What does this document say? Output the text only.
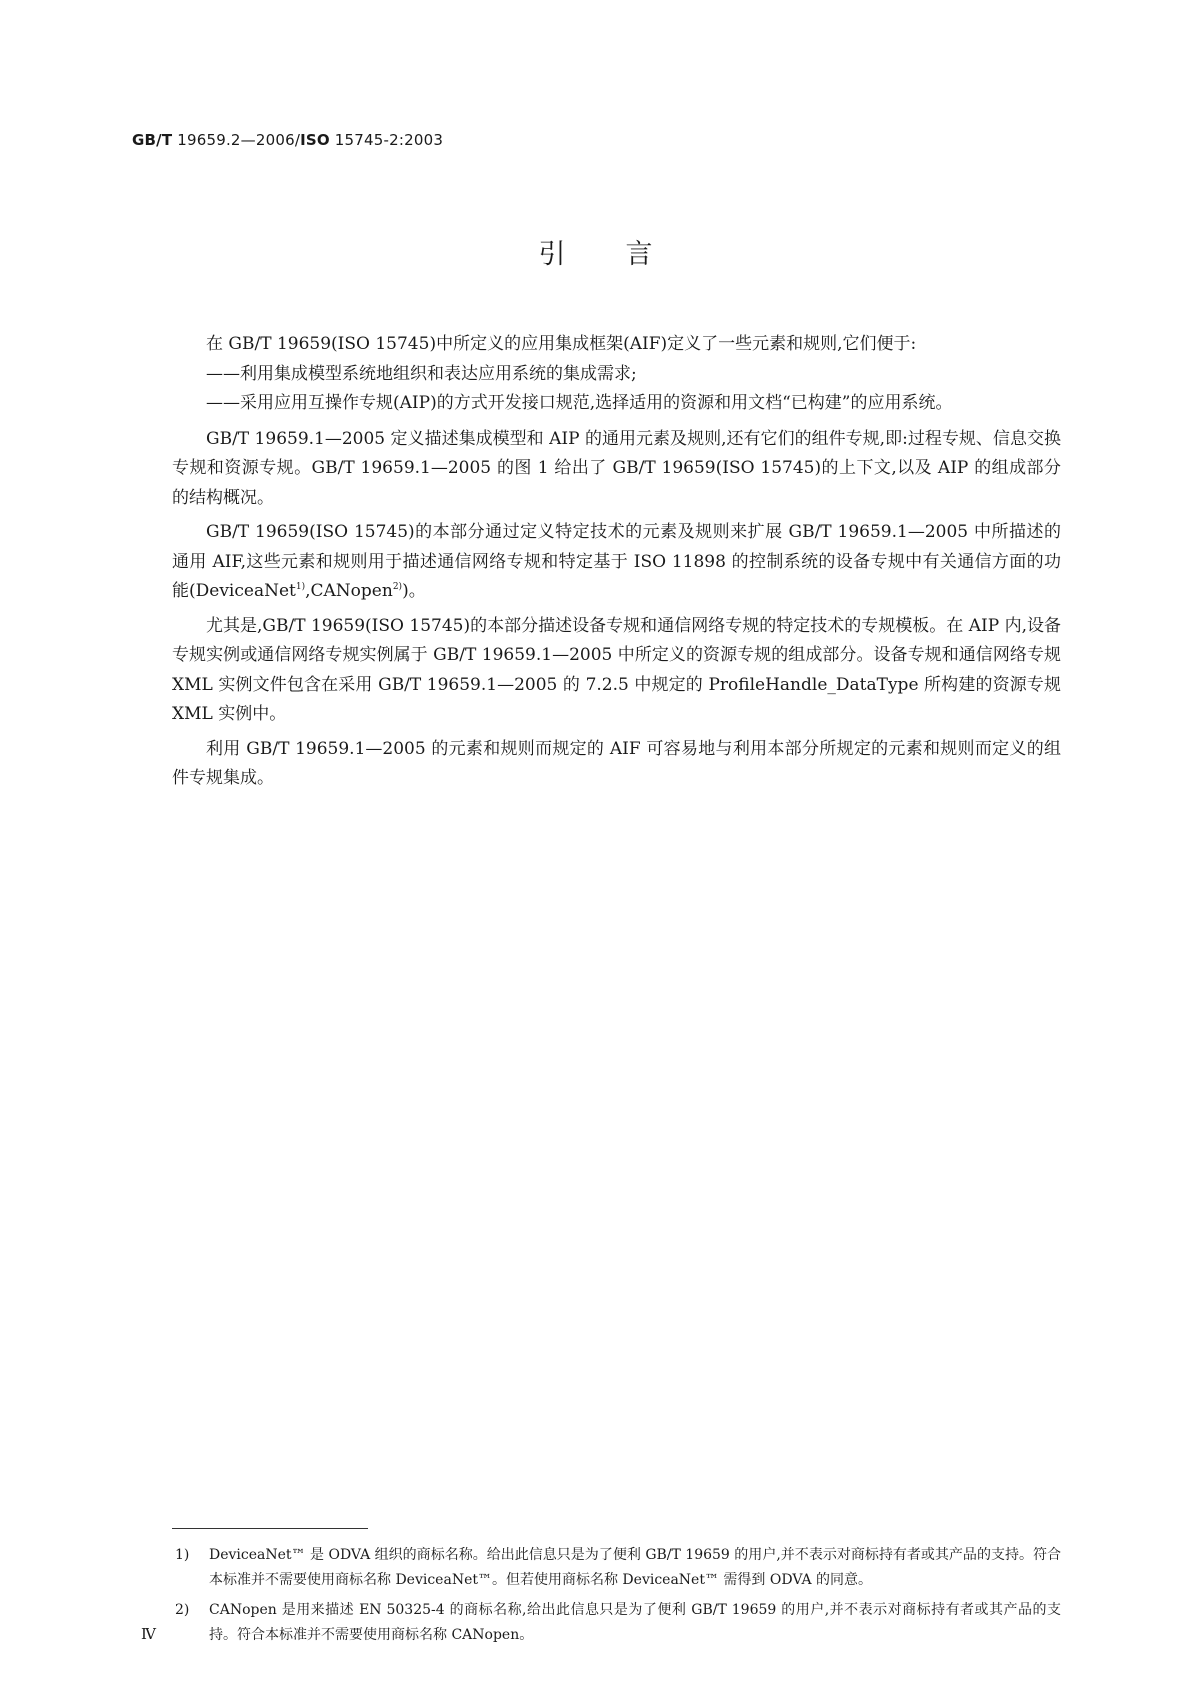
GB/T 19659.2—2006/ISO 15745-2:2003
引言

在 GB/T 19659(ISO 15745)中所定义的应用集成框架(AIF)定义了一些元素和规则,它们便于:

——利用集成模型系统地组织和表达应用系统的集成需求;

——采用应用互操作专规(AIP)的方式开发接口规范,选择适用的资源和用文档“已构建”的应用系统。

GB/T 19659.1—2005 定义描述集成模型和 AIP 的通用元素及规则,还有它们的组件专规,即:过程专规、信息交换专规和资源专规。GB/T 19659.1—2005 的图 1 给出了 GB/T 19659(ISO 15745)的上下文,以及 AIP 的组成部分的结构概况。

GB/T 19659(ISO 15745)的本部分通过定义特定技术的元素及规则来扩展 GB/T 19659.1—2005 中所描述的通用 AIF,这些元素和规则用于描述通信网络专规和特定基于 ISO 11898 的控制系统的设备专规中有关通信方面的功能(DeviceaNet$^{1)}$,CANopen$^{2)}$)。

尤其是,GB/T 19659(ISO 15745)的本部分描述设备专规和通信网络专规的特定技术的专规模板。在 AIP 内,设备专规实例或通信网络专规实例属于 GB/T 19659.1—2005 中所定义的资源专规的组成部分。设备专规和通信网络专规 XML 实例文件包含在采用 GB/T 19659.1—2005 的 7.2.5 中规定的 ProfileHandle_DataType 所构建的资源专规 XML 实例中。

利用 GB/T 19659.1—2005 的元素和规则而规定的 AIF 可容易地与利用本部分所规定的元素和规则而定义的组件专规集成。

1)	DeviceaNet™ 是 ODVA 组织的商标名称。给出此信息只是为了便利 GB/T 19659 的用户,并不表示对商标持有者或其产品的支持。符合本标准并不需要使用商标名称 DeviceaNet™。但若使用商标名称 DeviceaNet™ 需得到 ODVA 的同意。
2)	CANopen 是用来描述 EN 50325-4 的商标名称,给出此信息只是为了便利 GB/T 19659 的用户,并不表示对商标持有者或其产品的支持。符合本标准并不需要使用商标名称 CANopen。
Ⅳ
